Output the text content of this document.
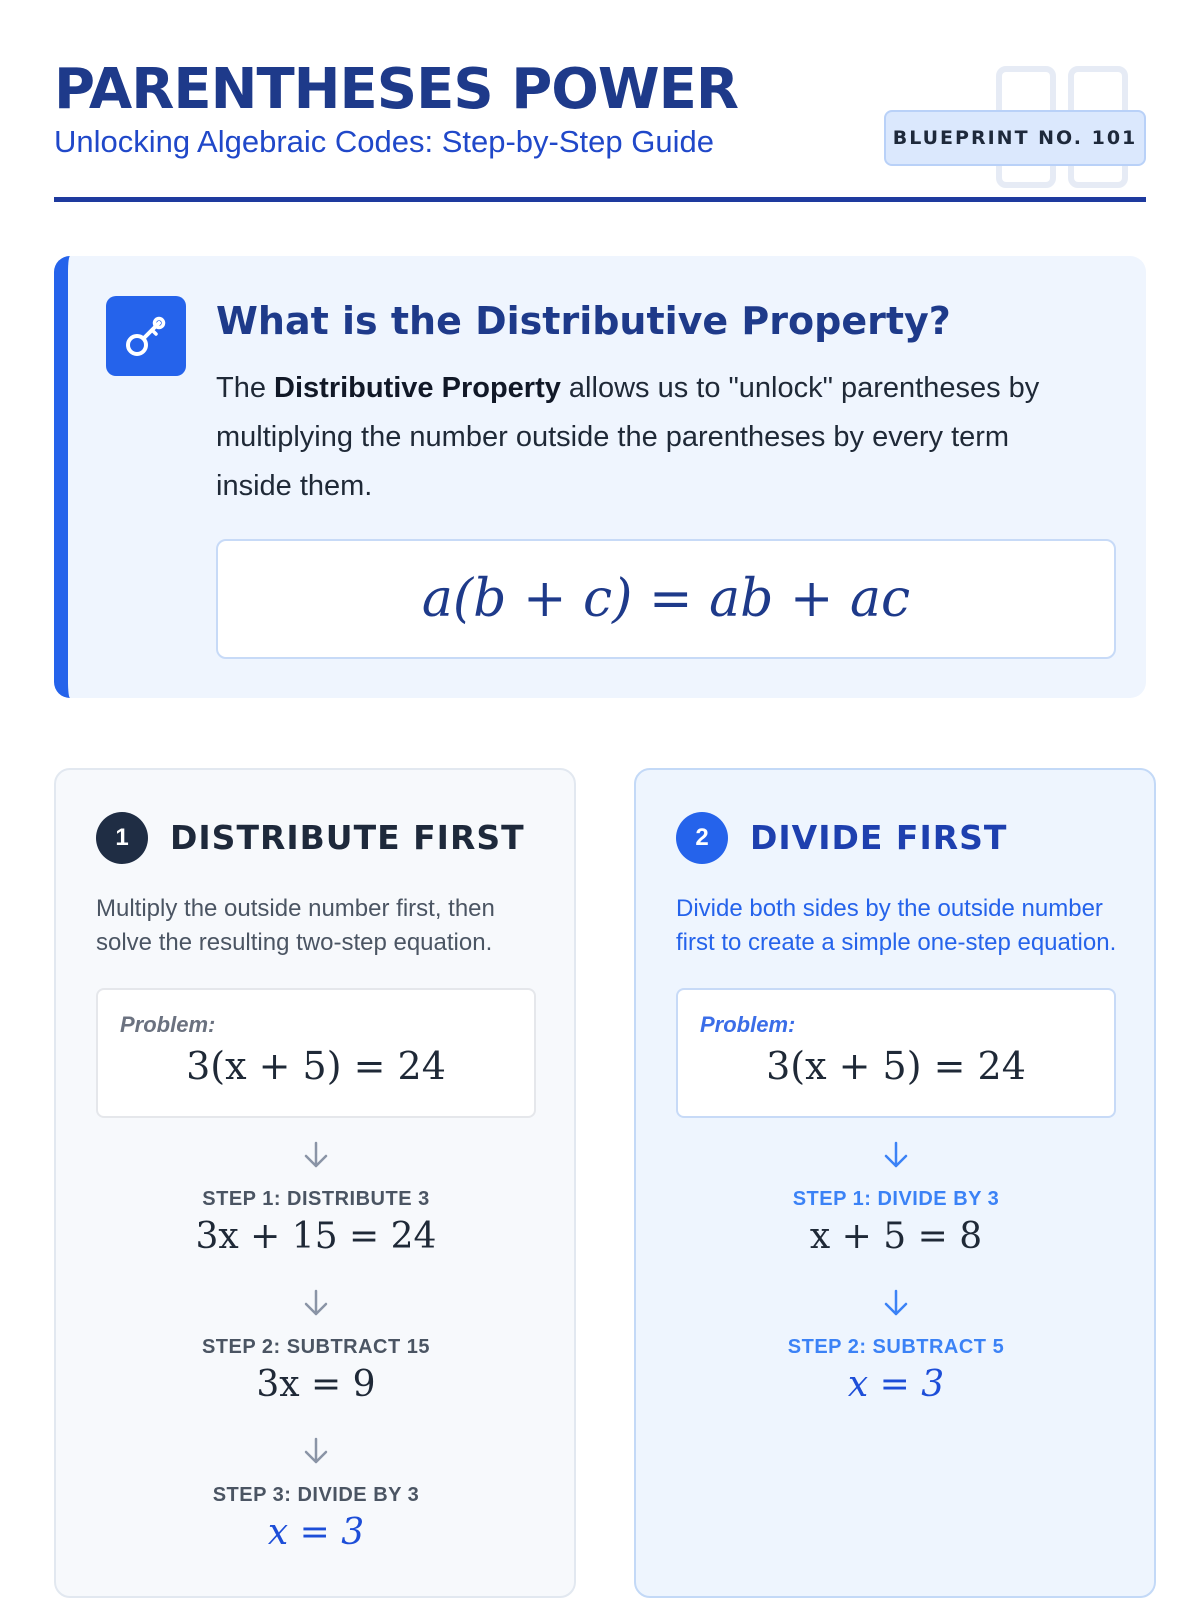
PARENTHESES POWER
Unlocking Algebraic Codes: Step-by-Step Guide	BLUEPRINT NO. 101
What is the Distributive Property?
The Distributive Property allows us to "unlock" parentheses by multiplying the number outside the parentheses by every term inside them.
a(b + c) = ab + ac
1	DISTRIBUTE FIRST
Multiply the outside number first, then solve the resulting two-step equation.
Problem:
3(x + 5) = 24
STEP 1: DISTRIBUTE 3
3x + 15 = 24
STEP 2: SUBTRACT 15
3x = 9
STEP 3: DIVIDE BY 3
x = 3
2	DIVIDE FIRST
Divide both sides by the outside number first to create a simple one-step equation.
Problem:
3(x + 5) = 24
STEP 1: DIVIDE BY 3
x + 5 = 8
STEP 2: SUBTRACT 5
x = 3
